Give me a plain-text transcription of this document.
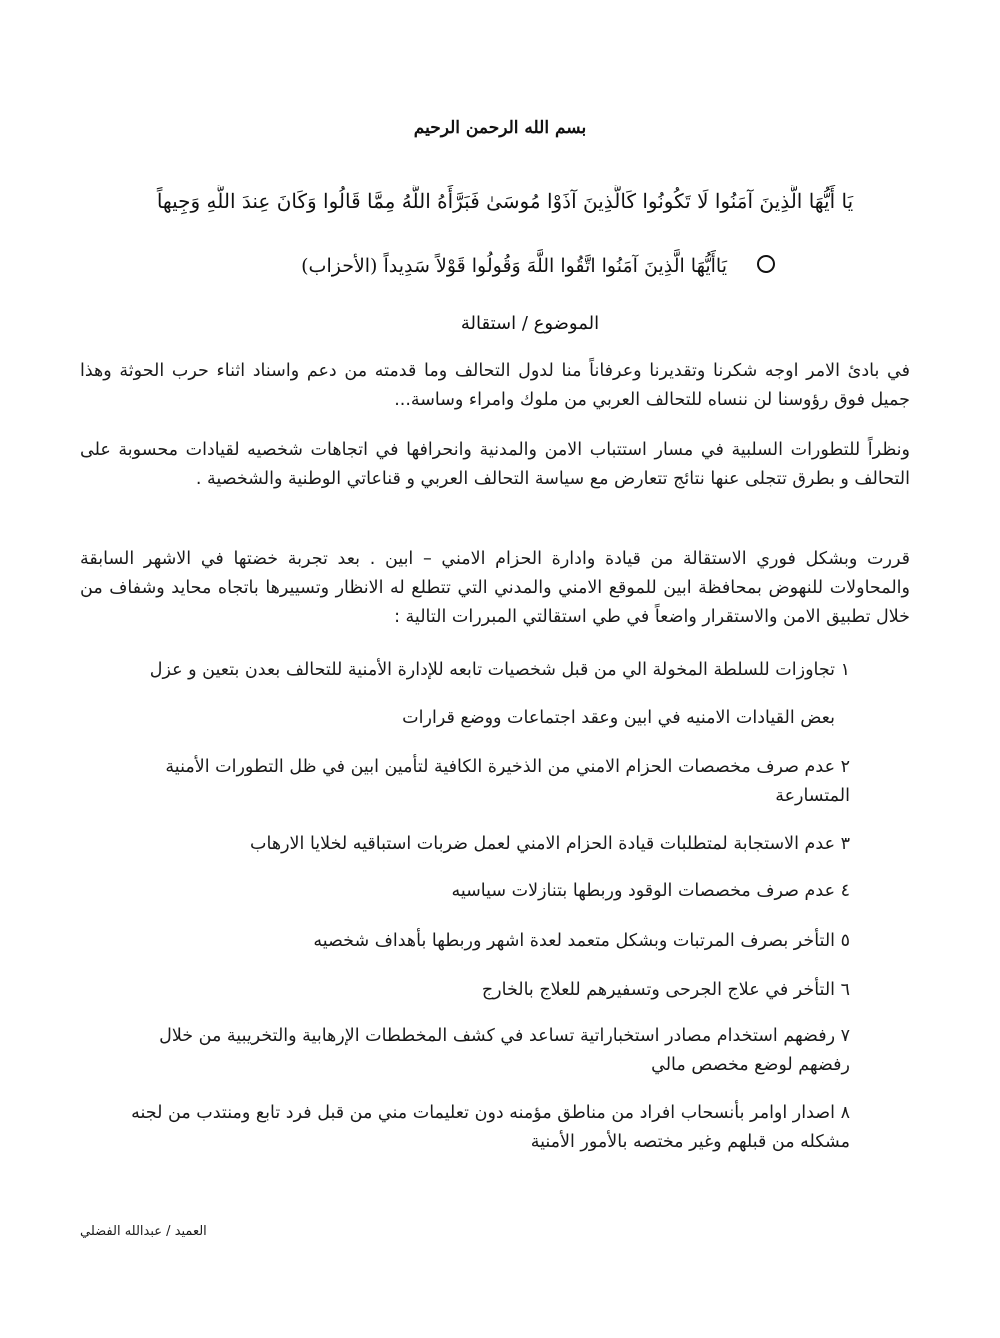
بسم الله الرحمن الرحيم
يَا أَيُّهَا الَّذِينَ آمَنُوا لَا تَكُونُوا كَالَّذِينَ آذَوْا مُوسَىٰ فَبَرَّأَهُ اللَّهُ مِمَّا قَالُوا وَكَانَ عِندَ اللَّهِ وَجِيهاً
يَاأَيُّهَا الَّذِينَ آمَنُوا اتَّقُوا اللَّهَ وَقُولُوا قَوْلاً سَدِيداً (الأحزاب)
الموضوع / استقالة
في بادئ الامر اوجه شكرنا وتقديرنا وعرفاناً منا لدول التحالف وما قدمته من دعم واسناد اثناء حرب الحوثة وهذا جميل فوق رؤوسنا لن ننساه للتحالف العربي من ملوك وامراء وساسة...
ونظراً للتطورات السلبية في مسار استتباب الامن والمدنية وانحرافها في اتجاهات شخصيه لقيادات محسوبة على التحالف و بطرق تتجلى عنها نتائج تتعارض مع سياسة التحالف العربي و قناعاتي الوطنية والشخصية .
قررت وبشكل فوري الاستقالة من قيادة وادارة الحزام الامني – ابين . بعد تجربة خضتها في الاشهر السابقة والمحاولات للنهوض بمحافظة ابين للموقع الامني والمدني التي تتطلع له الانظار وتسييرها باتجاه محايد وشفاف من خلال تطبيق الامن والاستقرار واضعاً في طي استقالتي المبررات التالية :
١ تجاوزات للسلطة المخولة الي من قبل شخصيات تابعه للإدارة الأمنية للتحالف بعدن بتعين و عزل
بعض القيادات الامنيه في ابين وعقد اجتماعات ووضع قرارات
٢ عدم صرف مخصصات الحزام الامني من الذخيرة الكافية لتأمين ابين في ظل التطورات الأمنية المتسارعة
٣ عدم الاستجابة لمتطلبات قيادة الحزام الامني لعمل ضربات استباقيه لخلايا الارهاب
٤ عدم صرف مخصصات الوقود وربطها بتنازلات سياسيه
٥ التأخر بصرف المرتبات وبشكل متعمد لعدة اشهر وربطها بأهداف شخصيه
٦ التأخر في علاج الجرحى وتسفيرهم للعلاج بالخارج
٧ رفضهم استخدام مصادر استخباراتية تساعد في كشف المخططات الإرهابية والتخريبية من خلال رفضهم لوضع مخصص مالي
٨ اصدار اوامر بأنسحاب افراد من مناطق مؤمنه دون تعليمات مني من قبل فرد تابع ومنتدب من لجنه مشكله من قبلهم وغير مختصه بالأمور الأمنية
العميد / عبدالله الفضلي
